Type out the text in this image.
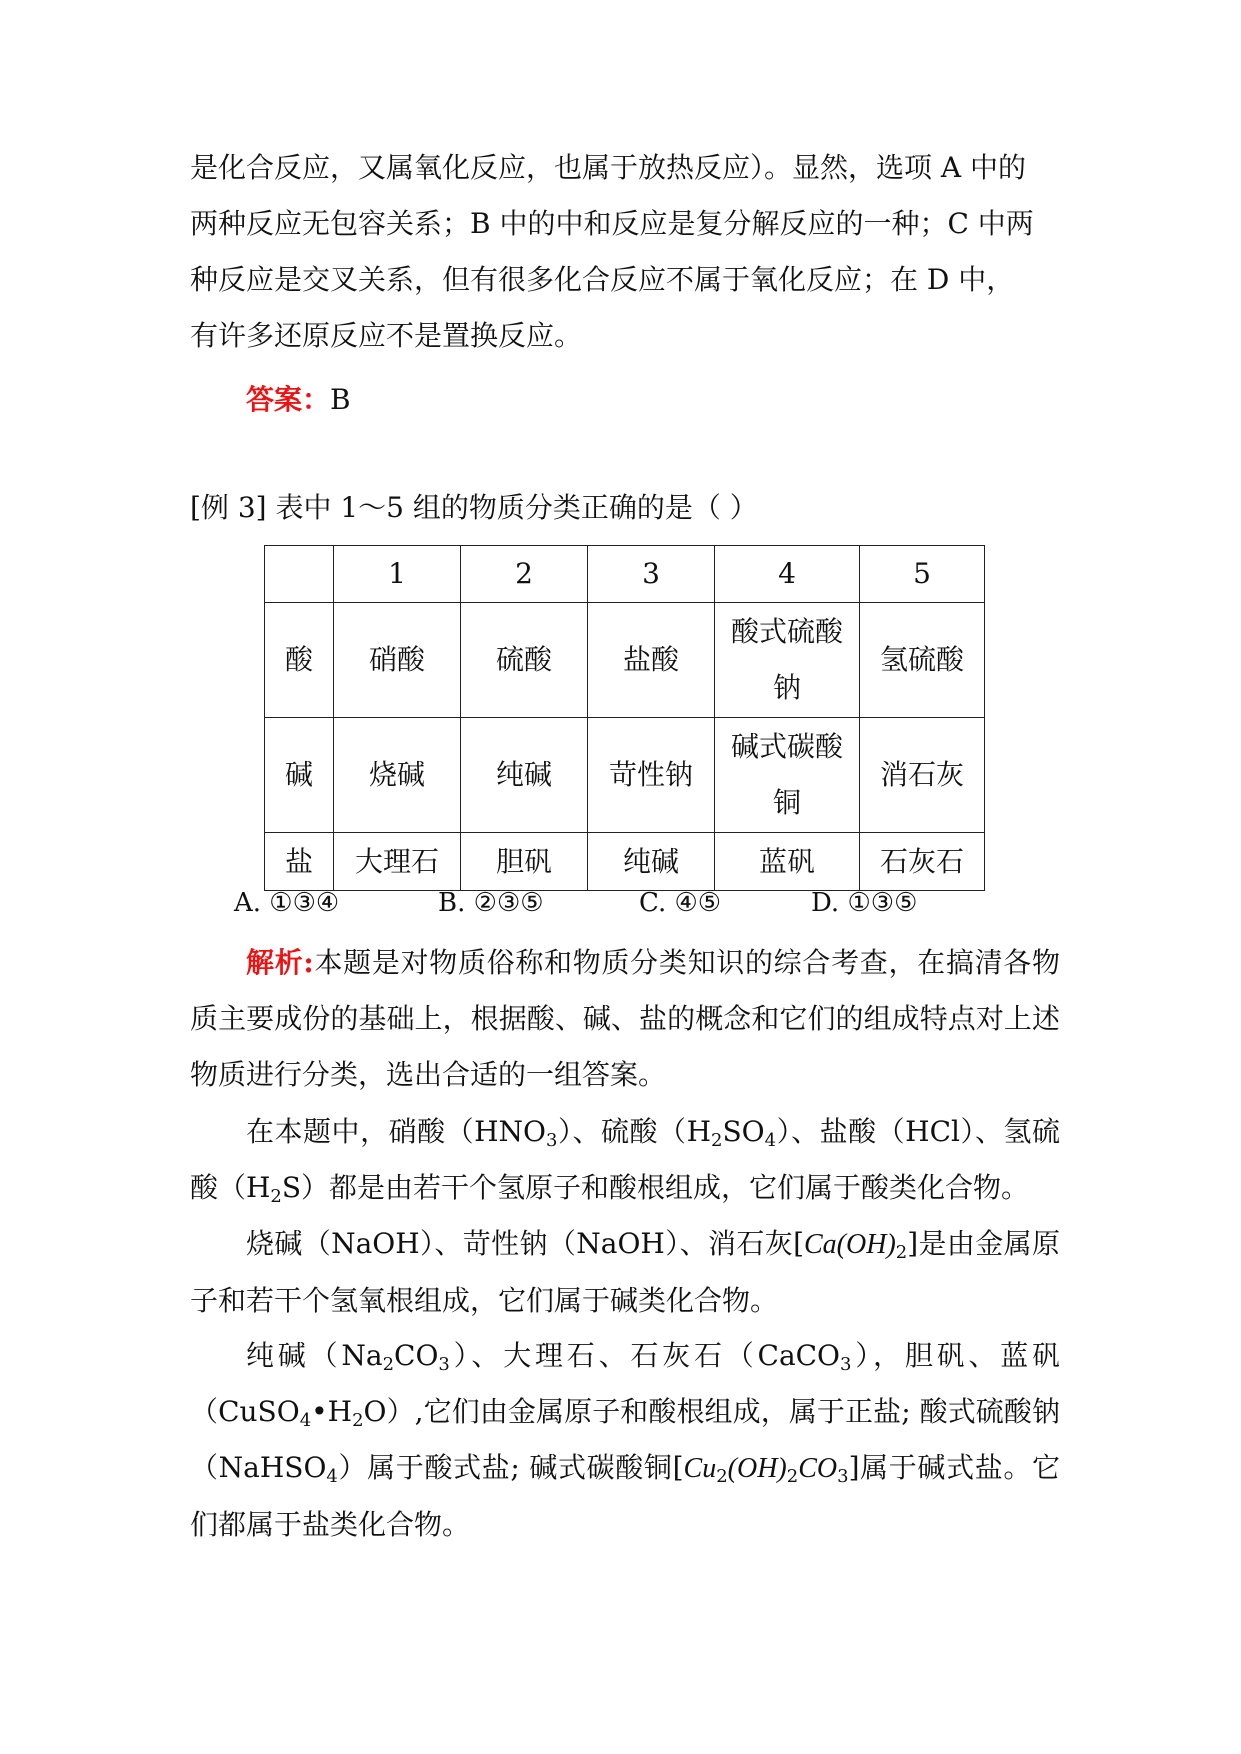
是化合反应，又属氧化反应，也属于放热反应）。显然，选项 A 中的
两种反应无包容关系；B 中的中和反应是复分解反应的一种；C 中两
种反应是交叉关系，但有很多化合反应不属于氧化反应；在 D 中，
有许多还原反应不是置换反应。

答案：B

[例 3] 表中 1～5 组的物质分类正确的是（ ）
	1	2	3	4	5
酸	硝酸	硫酸	盐酸	酸式硫酸钠	氢硫酸
碱	烧碱	纯碱	苛性钠	碱式碳酸铜	消石灰
盐	大理石	胆矾	纯碱	蓝矾	石灰石
A. ①③④	B. ②③⑤	C. ④⑤	D. ①③⑤

解析:本题是对物质俗称和物质分类知识的综合考查，在搞清各物质主要成份的基础上，根据酸、碱、盐的概念和它们的组成特点对上述物质进行分类，选出合适的一组答案。

在本题中，硝酸$(HNO_3)$、硫酸$(H_2SO_4)$、盐酸（HCl）、氢硫酸$(H_2S)$都是由若干个氢原子和酸根组成，它们属于酸类化合物。

烧碱（NaOH）、苛性钠（NaOH）、消石灰$[Ca(OH)_2]$是由金属原子和若干个氢氧根组成，它们属于碱类化合物。

纯碱$(Na_2CO_3)$、大理石、石灰石（CaCO$_3$），胆矾、蓝矾$(CuSO_4•H_2O)$,它们由金属原子和酸根组成，属于正盐; 酸式硫酸钠（NaHSO$_4$）属于酸式盐; 碱式碳酸铜$[Cu_2(OH)_2CO_3]$属于碱式盐。它们都属于盐类化合物。
